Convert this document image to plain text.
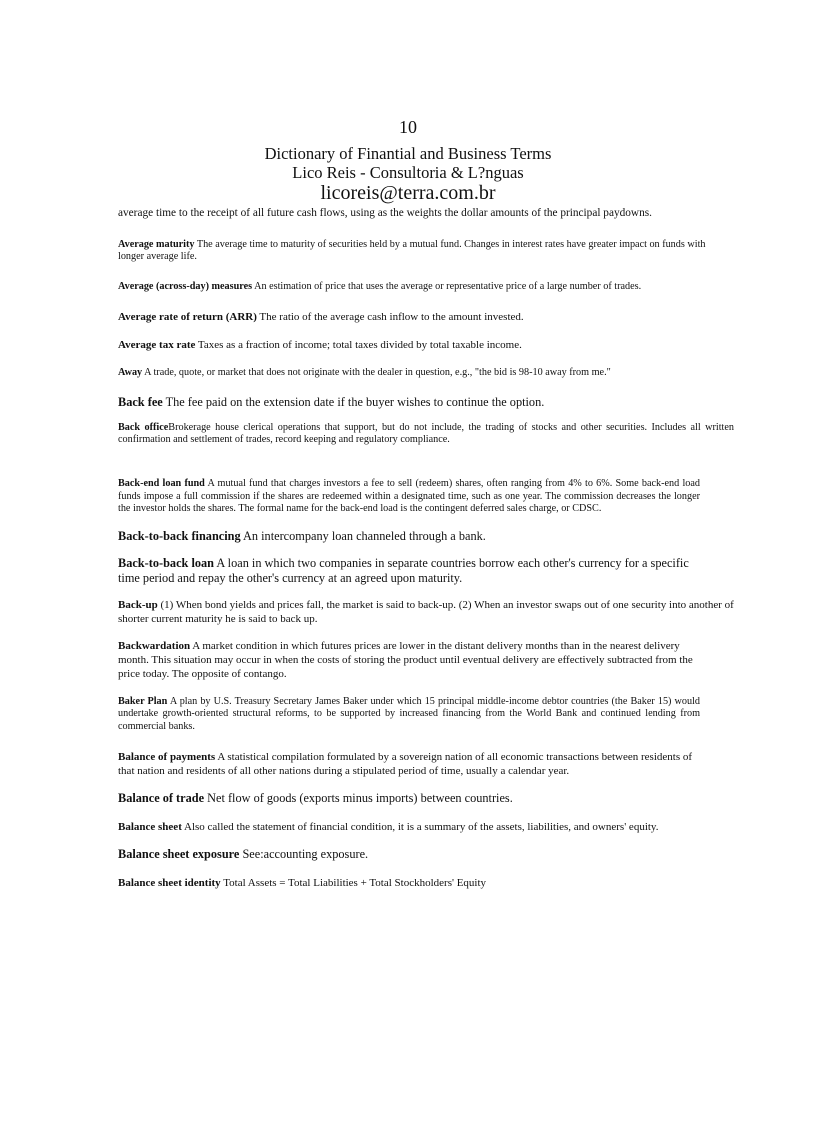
10
Dictionary of Finantial and Business Terms
Lico Reis - Consultoria & L?nguas
licoreis@terra.com.br

average time to the receipt of all future cash flows, using as the weights the dollar amounts of the principal paydowns.

Average maturity The average time to maturity of securities held by a mutual fund. Changes in interest rates have greater impact on funds with longer average life.

Average (across-day) measures An estimation of price that uses the average or representative price of a large number of trades.

Average rate of return (ARR) The ratio of the average cash inflow to the amount invested.

Average tax rate Taxes as a fraction of income; total taxes divided by total taxable income.

Away A trade, quote, or market that does not originate with the dealer in question, e.g., "the bid is 98-10 away from me."

Back fee The fee paid on the extension date if the buyer wishes to continue the option.

Back officeBrokerage house clerical operations that support, but do not include, the trading of stocks and other securities. Includes all written confirmation and settlement of trades, record keeping and regulatory compliance.

Back-end loan fund A mutual fund that charges investors a fee to sell (redeem) shares, often ranging from 4% to 6%. Some back-end load funds impose a full commission if the shares are redeemed within a designated time, such as one year. The commission decreases the longer the investor holds the shares. The formal name for the back-end load is the contingent deferred sales charge, or CDSC.

Back-to-back financing An intercompany loan channeled through a bank.

Back-to-back loan A loan in which two companies in separate countries borrow each other's currency for a specific time period and repay the other's currency at an agreed upon maturity.

Back-up (1) When bond yields and prices fall, the market is said to back-up. (2) When an investor swaps out of one security into another of shorter current maturity he is said to back up.

Backwardation A market condition in which futures prices are lower in the distant delivery months than in the nearest delivery month. This situation may occur in when the costs of storing the product until eventual delivery are effectively subtracted from the price today. The opposite of contango.

Baker Plan A plan by U.S. Treasury Secretary James Baker under which 15 principal middle-income debtor countries (the Baker 15) would undertake growth-oriented structural reforms, to be supported by increased financing from the World Bank and continued lending from commercial banks.

Balance of payments A statistical compilation formulated by a sovereign nation of all economic transactions between residents of that nation and residents of all other nations during a stipulated period of time, usually a calendar year.

Balance of trade Net flow of goods (exports minus imports) between countries.

Balance sheet Also called the statement of financial condition, it is a summary of the assets, liabilities, and owners' equity.

Balance sheet exposure See:accounting exposure.

Balance sheet identity Total Assets = Total Liabilities + Total Stockholders' Equity
